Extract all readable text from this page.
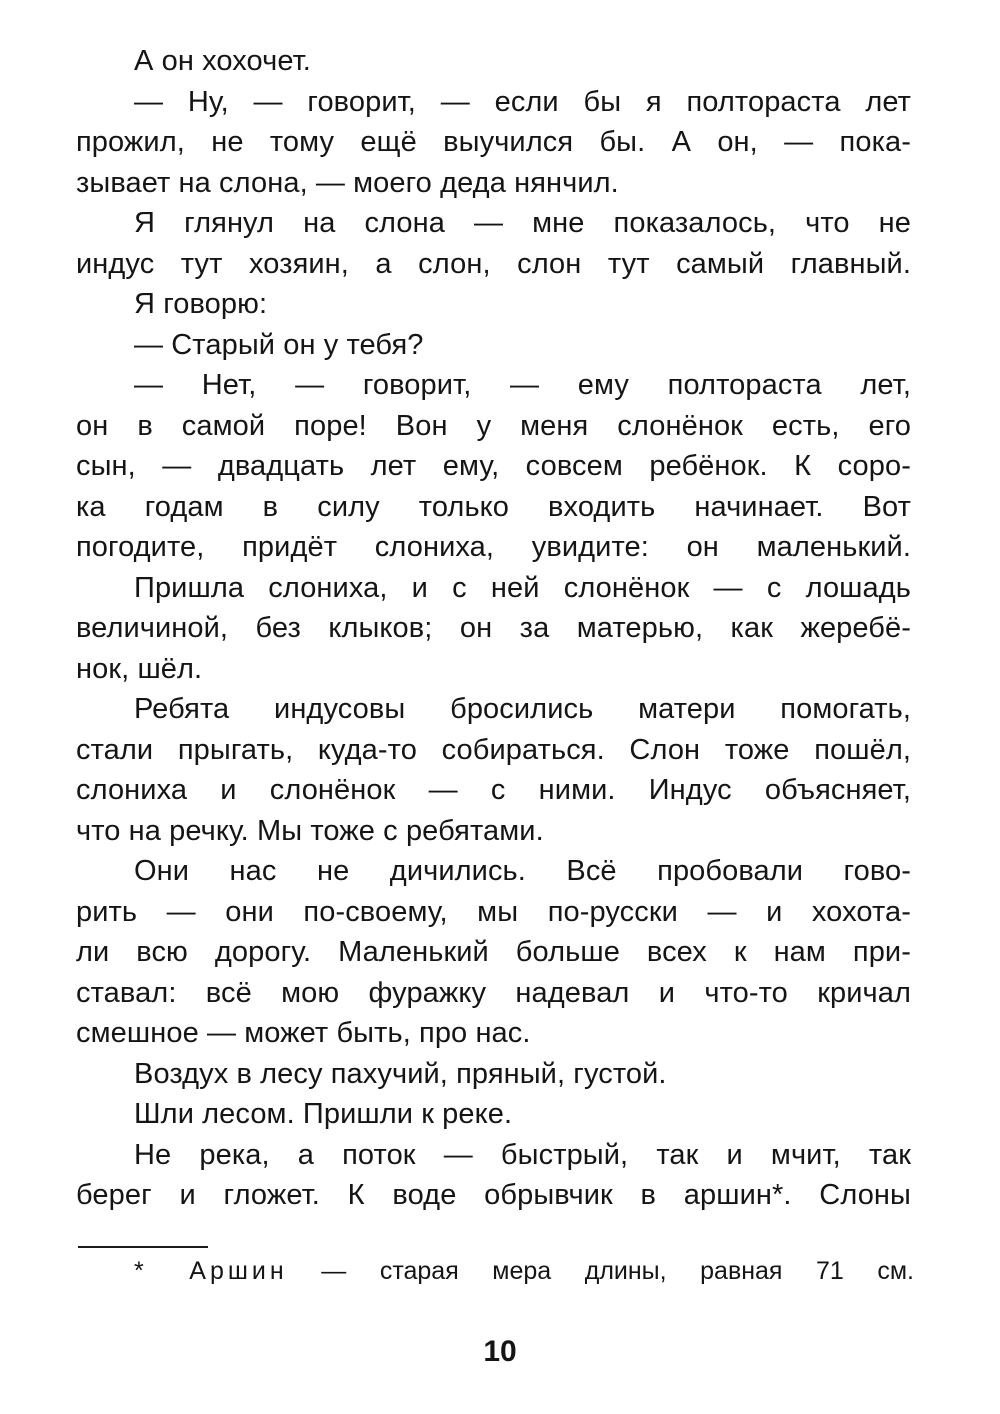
А он хохочет.
— Ну, — говорит, — если бы я полтораста лет
прожил, не тому ещё выучился бы. А он, — пока-
зывает на слона, — моего деда нянчил.
Я глянул на слона — мне показалось, что не
индус тут хозяин, а слон, слон тут самый главный.
Я говорю:
— Старый он у тебя?
— Нет, — говорит, — ему полтораста лет,
он в самой поре! Вон у меня слонёнок есть, его
сын, — двадцать лет ему, совсем ребёнок. К соро-
ка годам в силу только входить начинает. Вот
погодите, придёт слониха, увидите: он маленький.
Пришла слониха, и с ней слонёнок — с лошадь
величиной, без клыков; он за матерью, как жеребё-
нок, шёл.
Ребята индусовы бросились матери помогать,
стали прыгать, куда-то собираться. Слон тоже пошёл,
слониха и слонёнок — с ними. Индус объясняет,
что на речку. Мы тоже с ребятами.
Они нас не дичились. Всё пробовали гово-
рить — они по-своему, мы по-русски — и хохота-
ли всю дорогу. Маленький больше всех к нам при-
ставал: всё мою фуражку надевал и что-то кричал
смешное — может быть, про нас.
Воздух в лесу пахучий, пряный, густой.
Шли лесом. Пришли к реке.
Не река, а поток — быстрый, так и мчит, так
берег и гложет. К воде обрывчик в аршин*. Слоны
* Аршин — старая мера длины, равная 71 см.
10
